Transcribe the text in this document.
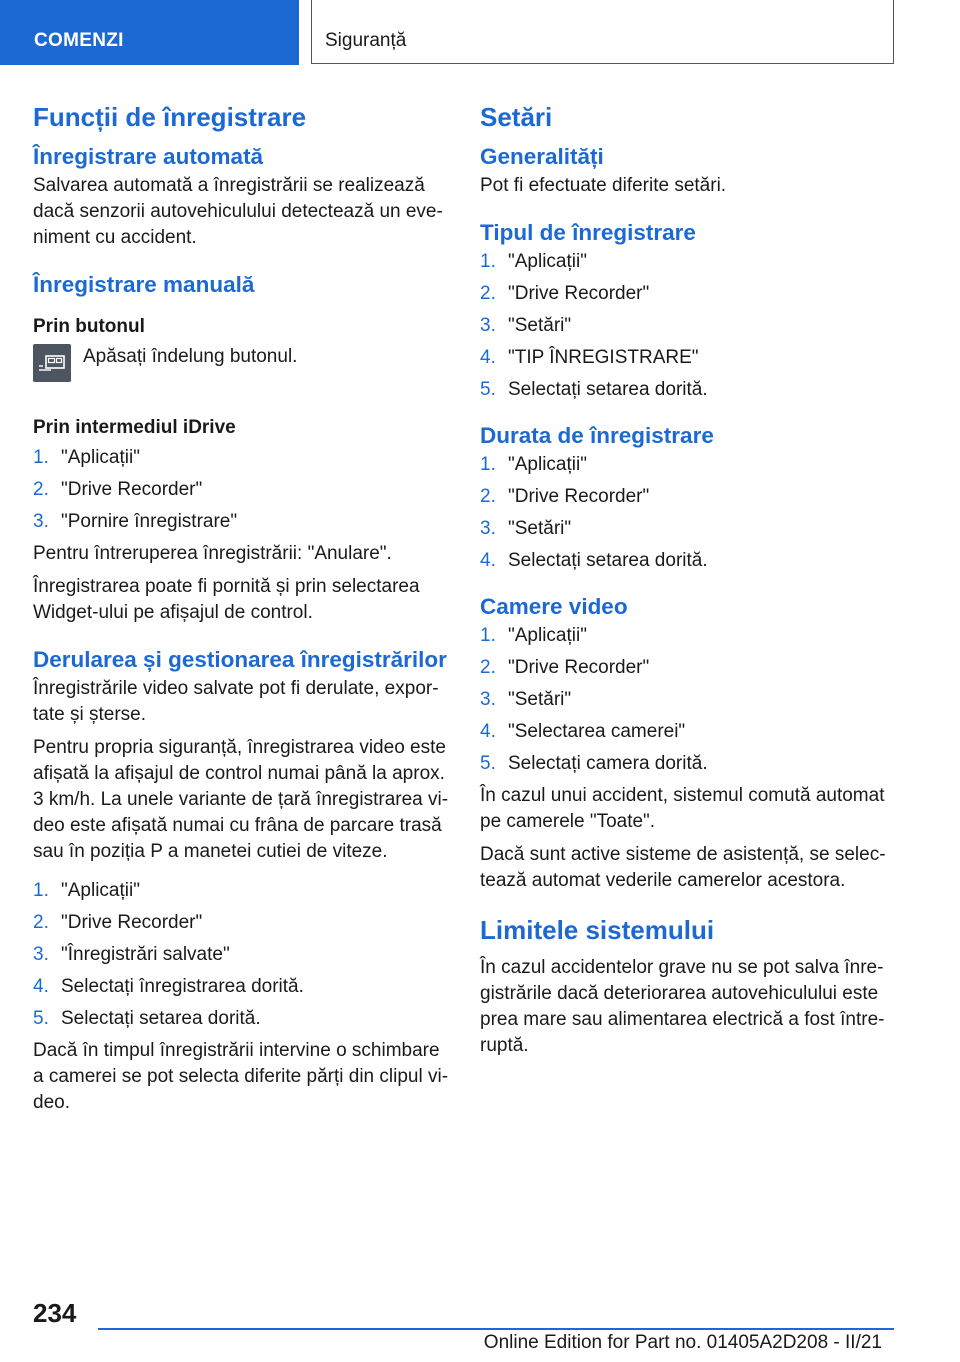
COMENZI	Siguranță
Funcții de înregistrare
Înregistrare automată

Salvarea automată a înregistrării se realizează dacă senzorii autovehiculului detectează un eveniment cu accident.

Înregistrare manuală
Prin butonul

Apăsați îndelung butonul.

Prin intermediul iDrive
1. "Aplicații"
2. "Drive Recorder"
3. "Pornire înregistrare"

Pentru întreruperea înregistrării: "Anulare".

Înregistrarea poate fi pornită și prin selectarea Widget-ului pe afișajul de control.

Derularea și gestionarea înregistrărilor

Înregistrările video salvate pot fi derulate, exportate și șterse.

Pentru propria siguranță, înregistrarea video este afișată la afișajul de control numai până la aprox. 3 km/h. La unele variante de țară înregistrarea video este afișată numai cu frâna de parcare trasă sau în poziția P a manetei cutiei de viteze.

1. "Aplicații"
2. "Drive Recorder"
3. "Înregistrări salvate"
4. Selectați înregistrarea dorită.
5. Selectați setarea dorită.

Dacă în timpul înregistrării intervine o schimbare a camerei se pot selecta diferite părți din clipul video.

Setări
Generalități

Pot fi efectuate diferite setări.

Tipul de înregistrare
1. "Aplicații"
2. "Drive Recorder"
3. "Setări"
4. "TIP ÎNREGISTRARE"
5. Selectați setarea dorită.
Durata de înregistrare
1. "Aplicații"
2. "Drive Recorder"
3. "Setări"
4. Selectați setarea dorită.
Camere video
1. "Aplicații"
2. "Drive Recorder"
3. "Setări"
4. "Selectarea camerei"
5. Selectați camera dorită.

În cazul unui accident, sistemul comută automat pe camerele "Toate".

Dacă sunt active sisteme de asistență, se selectează automat vederile camerelor acestora.

Limitele sistemului

În cazul accidentelor grave nu se pot salva înregistrările dacă deteriorarea autovehiculului este prea mare sau alimentarea electrică a fost întreruptă.

234
Online Edition for Part no. 01405A2D208 - II/21
